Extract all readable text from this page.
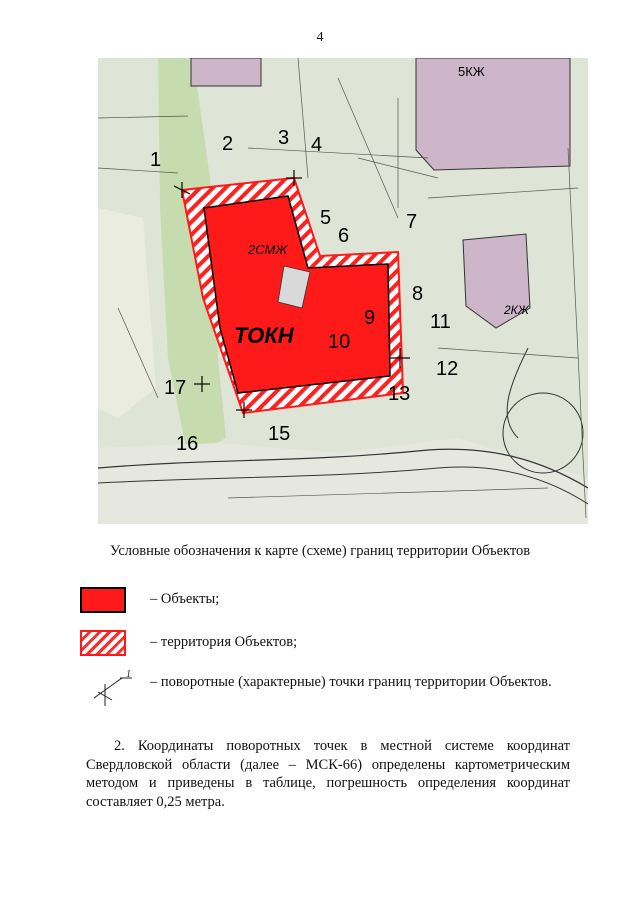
4
2СМЖ
ТОКН
2КЖ
5КЖ
1
2 3 4
5
6
7
8
9
10
11
12
13
15
16
17
Условные обозначения к карте (схеме) границ территории Объектов
– Объекты;
– территория Объектов;
1 – поворотные (характерные) точки границ территории Объектов.
2. Координаты поворотных точек в местной системе координат Свердловской области (далее – МСК-66) определены картометрическим методом и приведены в таблице, погрешность определения координат составляет 0,25 метра.
